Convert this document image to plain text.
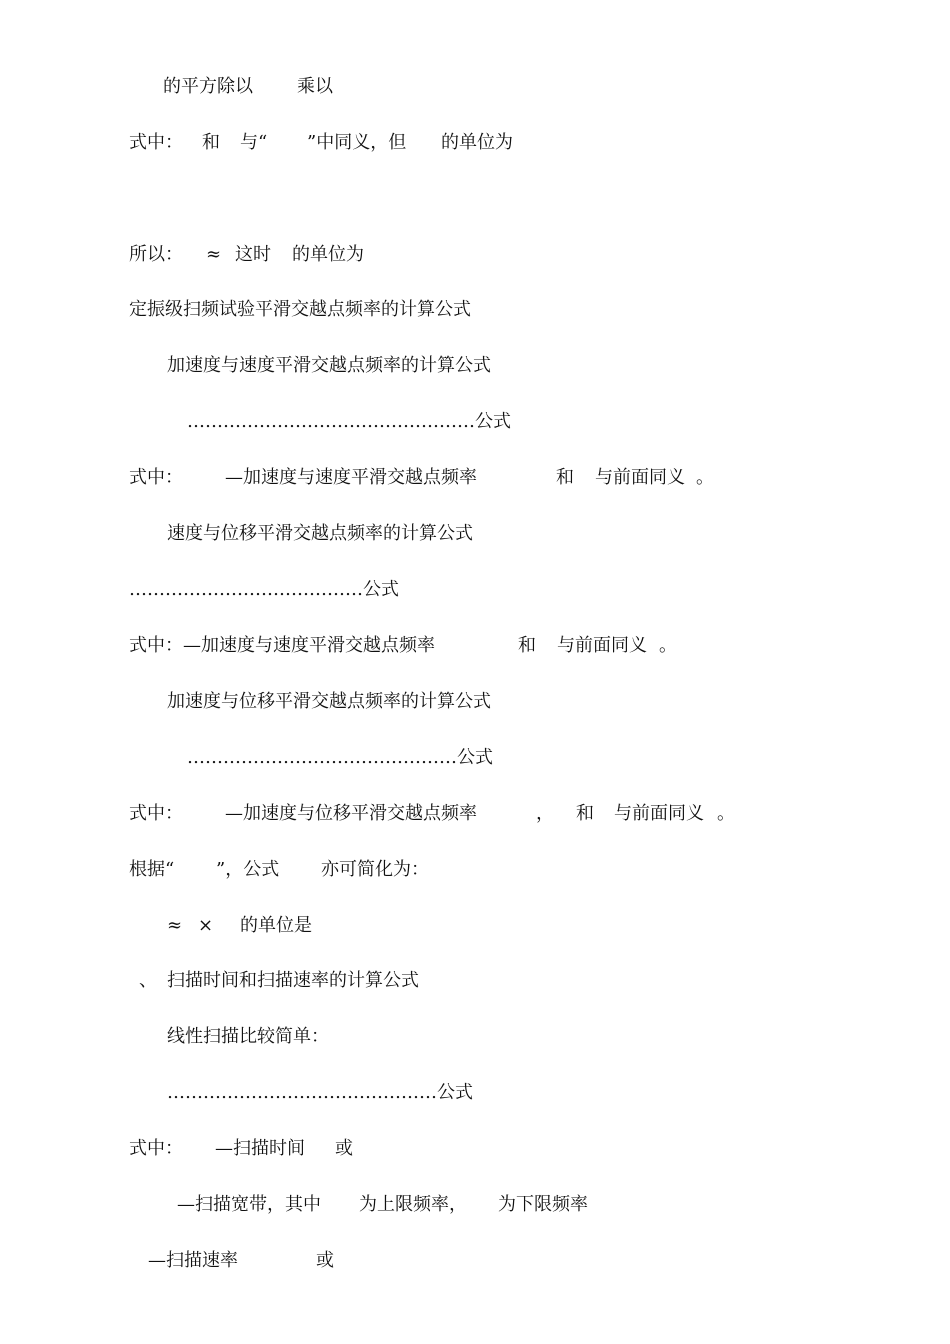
的平方除以

乘以

式中：

和

与“

”中同义，但

的单位为

所以：

≈

这时

的单位为

定振级扫频试验平滑交越点频率的计算公式

加速度与速度平滑交越点频率的计算公式

…………………………………………公式

式中：

—加速度与速度平滑交越点频率

	和

与前面同义

。

速度与位移平滑交越点频率的计算公式

…………………………………公式

式中：—加速度与速度平滑交越点频率

	和

与前面同义

。

加速度与位移平滑交越点频率的计算公式

………………………………………公式

式中：

—加速度与位移平滑交越点频率

	，

和

与前面同义

。

根据“

”，公式

亦可简化为：

≈

×

的单位是

、

扫描时间和扫描速率的计算公式

线性扫描比较简单：

………………………………………公式

式中：

—扫描时间

或

—扫描宽带，其中

为上限频率，

为下限频率

—扫描速率

	或
